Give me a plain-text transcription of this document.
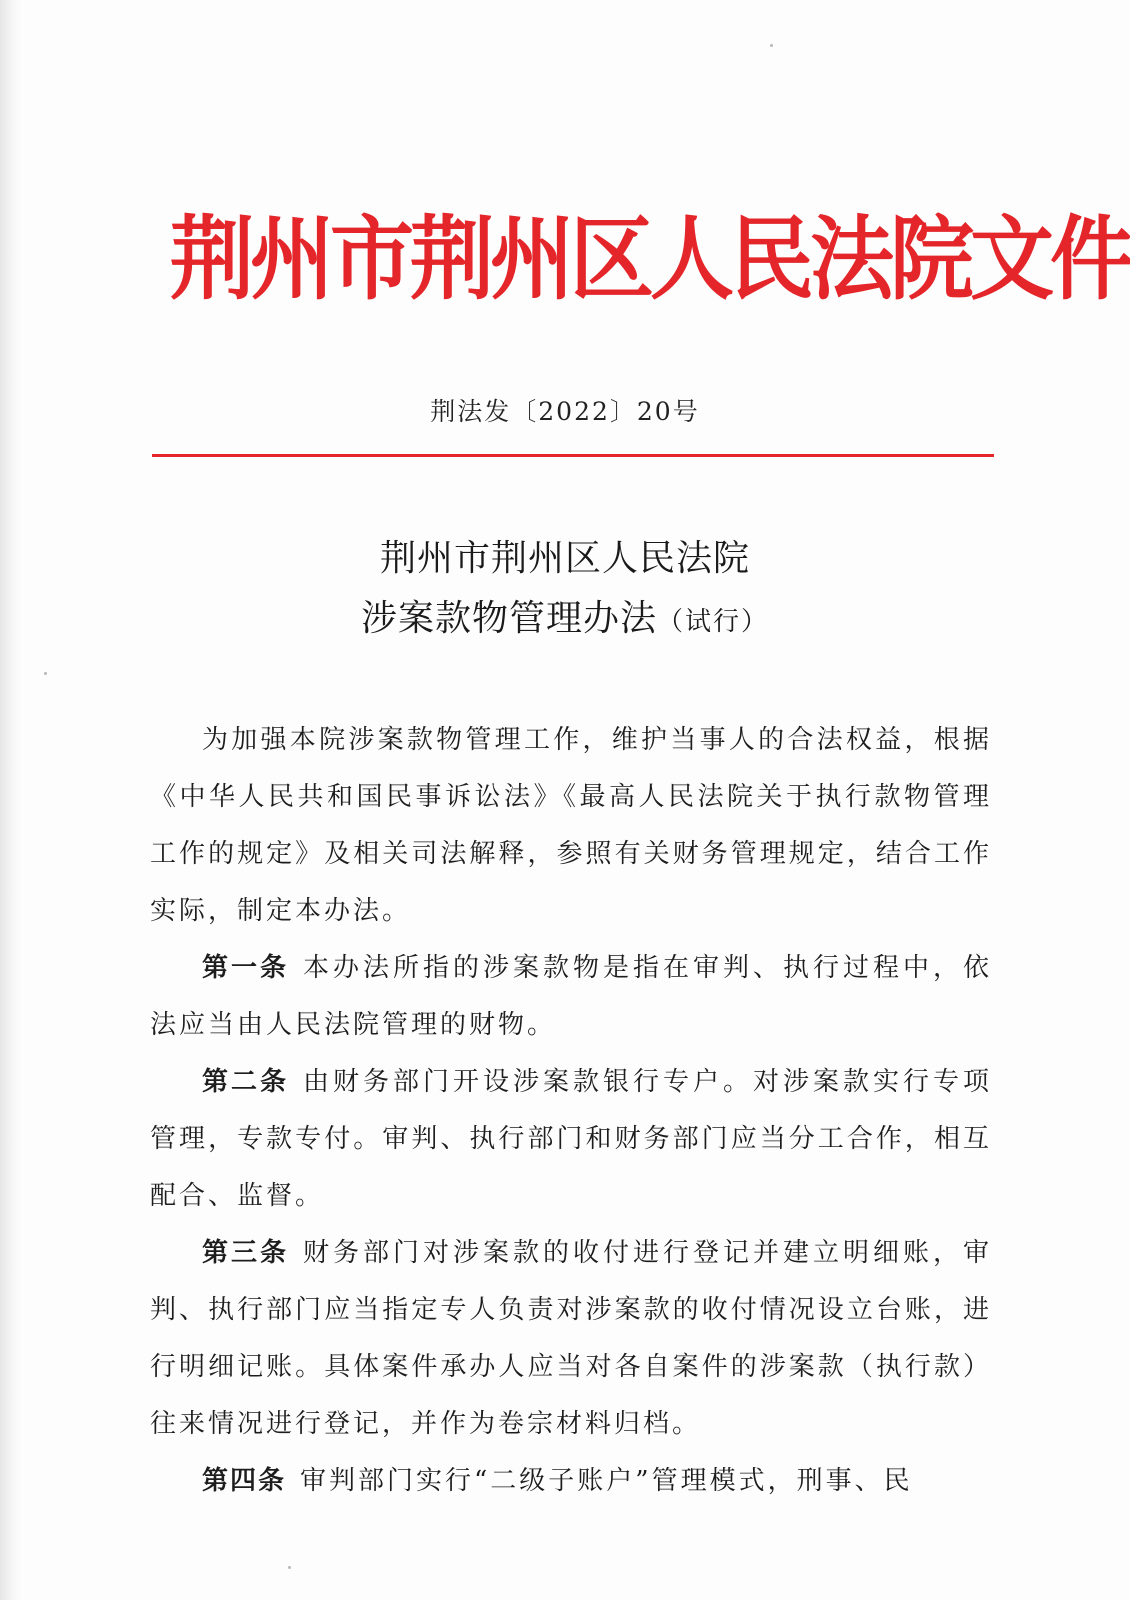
荆州市荆州区人民法院文件
荆法发〔2022〕20号
荆州市荆州区人民法院
涉案款物管理办法（试行）

为加强本院涉案款物管理工作，维护当事人的合法权益，根据《中华人民共和国民事诉讼法》《最高人民法院关于执行款物管理工作的规定》及相关司法解释，参照有关财务管理规定，结合工作实际，制定本办法。

第一条 本办法所指的涉案款物是指在审判、执行过程中，依法应当由人民法院管理的财物。

第二条 由财务部门开设涉案款银行专户。对涉案款实行专项管理，专款专付。审判、执行部门和财务部门应当分工合作，相互配合、监督。

第三条 财务部门对涉案款的收付进行登记并建立明细账，审判、执行部门应当指定专人负责对涉案款的收付情况设立台账，进行明细记账。具体案件承办人应当对各自案件的涉案款（执行款）往来情况进行登记，并作为卷宗材料归档。

第四条 审判部门实行“二级子账户”管理模式，刑事、民
